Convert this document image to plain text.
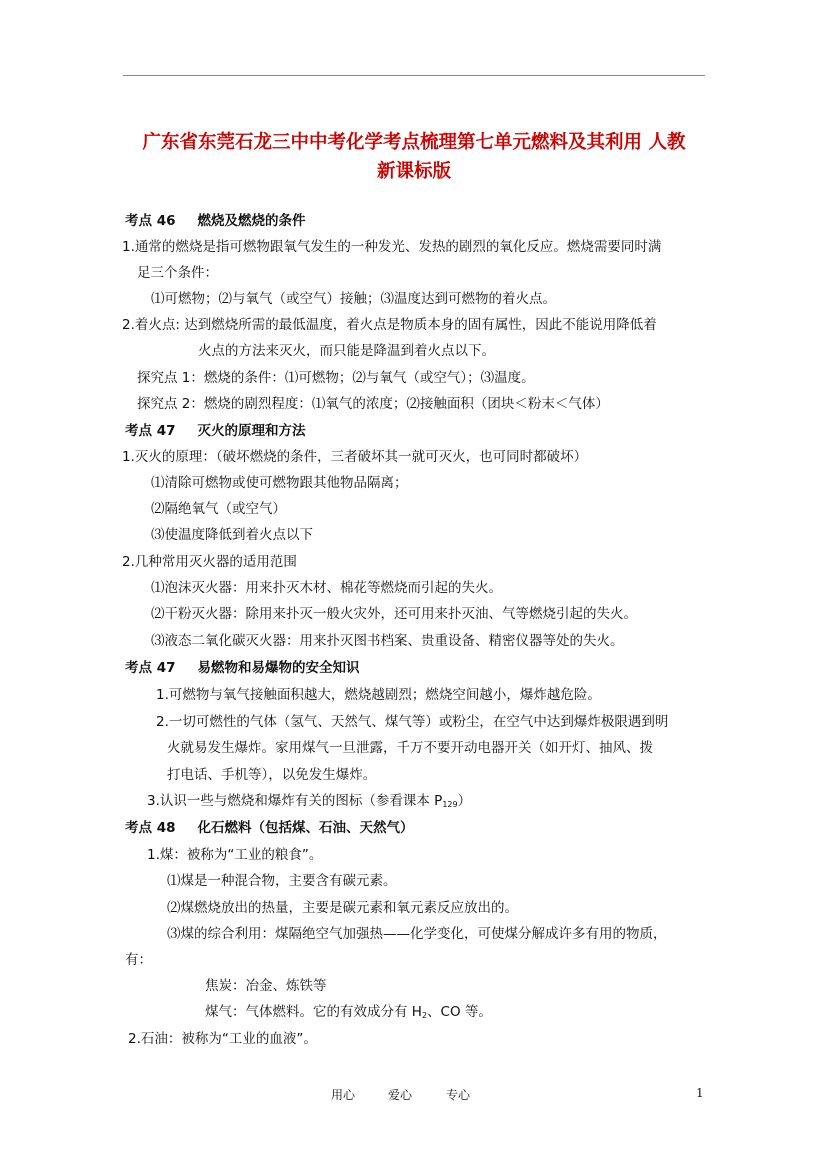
广东省东莞石龙三中中考化学考点梳理第七单元燃料及其利用 人教
新课标版
考点 46 燃烧及燃烧的条件
1.通常的燃烧是指可燃物跟氧气发生的一种发光、发热的剧烈的氧化反应。燃烧需要同时满
足三个条件：
⑴可燃物；⑵与氧气（或空气）接触；⑶温度达到可燃物的着火点。
2.着火点: 达到燃烧所需的最低温度，着火点是物质本身的固有属性，因此不能说用降低着
火点的方法来灭火，而只能是降温到着火点以下。
探究点 1：燃烧的条件：⑴可燃物；⑵与氧气（或空气）；⑶温度。
探究点 2：燃烧的剧烈程度：⑴氧气的浓度；⑵接触面积（团块＜粉末＜气体）
考点 47 灭火的原理和方法
1.灭火的原理：（破坏燃烧的条件，三者破坏其一就可灭火，也可同时都破坏）
⑴清除可燃物或使可燃物跟其他物品隔离；
⑵隔绝氧气（或空气）
⑶使温度降低到着火点以下
2.几种常用灭火器的适用范围
⑴泡沫灭火器：用来扑灭木材、棉花等燃烧而引起的失火。
⑵干粉灭火器：除用来扑灭一般火灾外，还可用来扑灭油、气等燃烧引起的失火。
⑶液态二氧化碳灭火器：用来扑灭图书档案、贵重设备、精密仪器等处的失火。
考点 47 易燃物和易爆物的安全知识
1.可燃物与氧气接触面积越大，燃烧越剧烈；燃烧空间越小，爆炸越危险。
2.一切可燃性的气体（氢气、天然气、煤气等）或粉尘，在空气中达到爆炸极限遇到明
火就易发生爆炸。家用煤气一旦泄露，千万不要开动电器开关（如开灯、抽风、拨
打电话、手机等），以免发生爆炸。
3.认识一些与燃烧和爆炸有关的图标（参看课本 $P_{129}$）
考点 48 化石燃料（包括煤、石油、天然气）
1.煤：被称为“工业的粮食”。
⑴煤是一种混合物，主要含有碳元素。
⑵煤燃烧放出的热量，主要是碳元素和氧元素反应放出的。
⑶煤的综合利用：煤隔绝空气加强热——化学变化，可使煤分解成许多有用的物质，
有：
焦炭：冶金、炼铁等
煤气：气体燃料。它的有效成分有 $H_2$、CO 等。
2.石油：被称为“工业的血液”。
用心	爱心	专心	1
